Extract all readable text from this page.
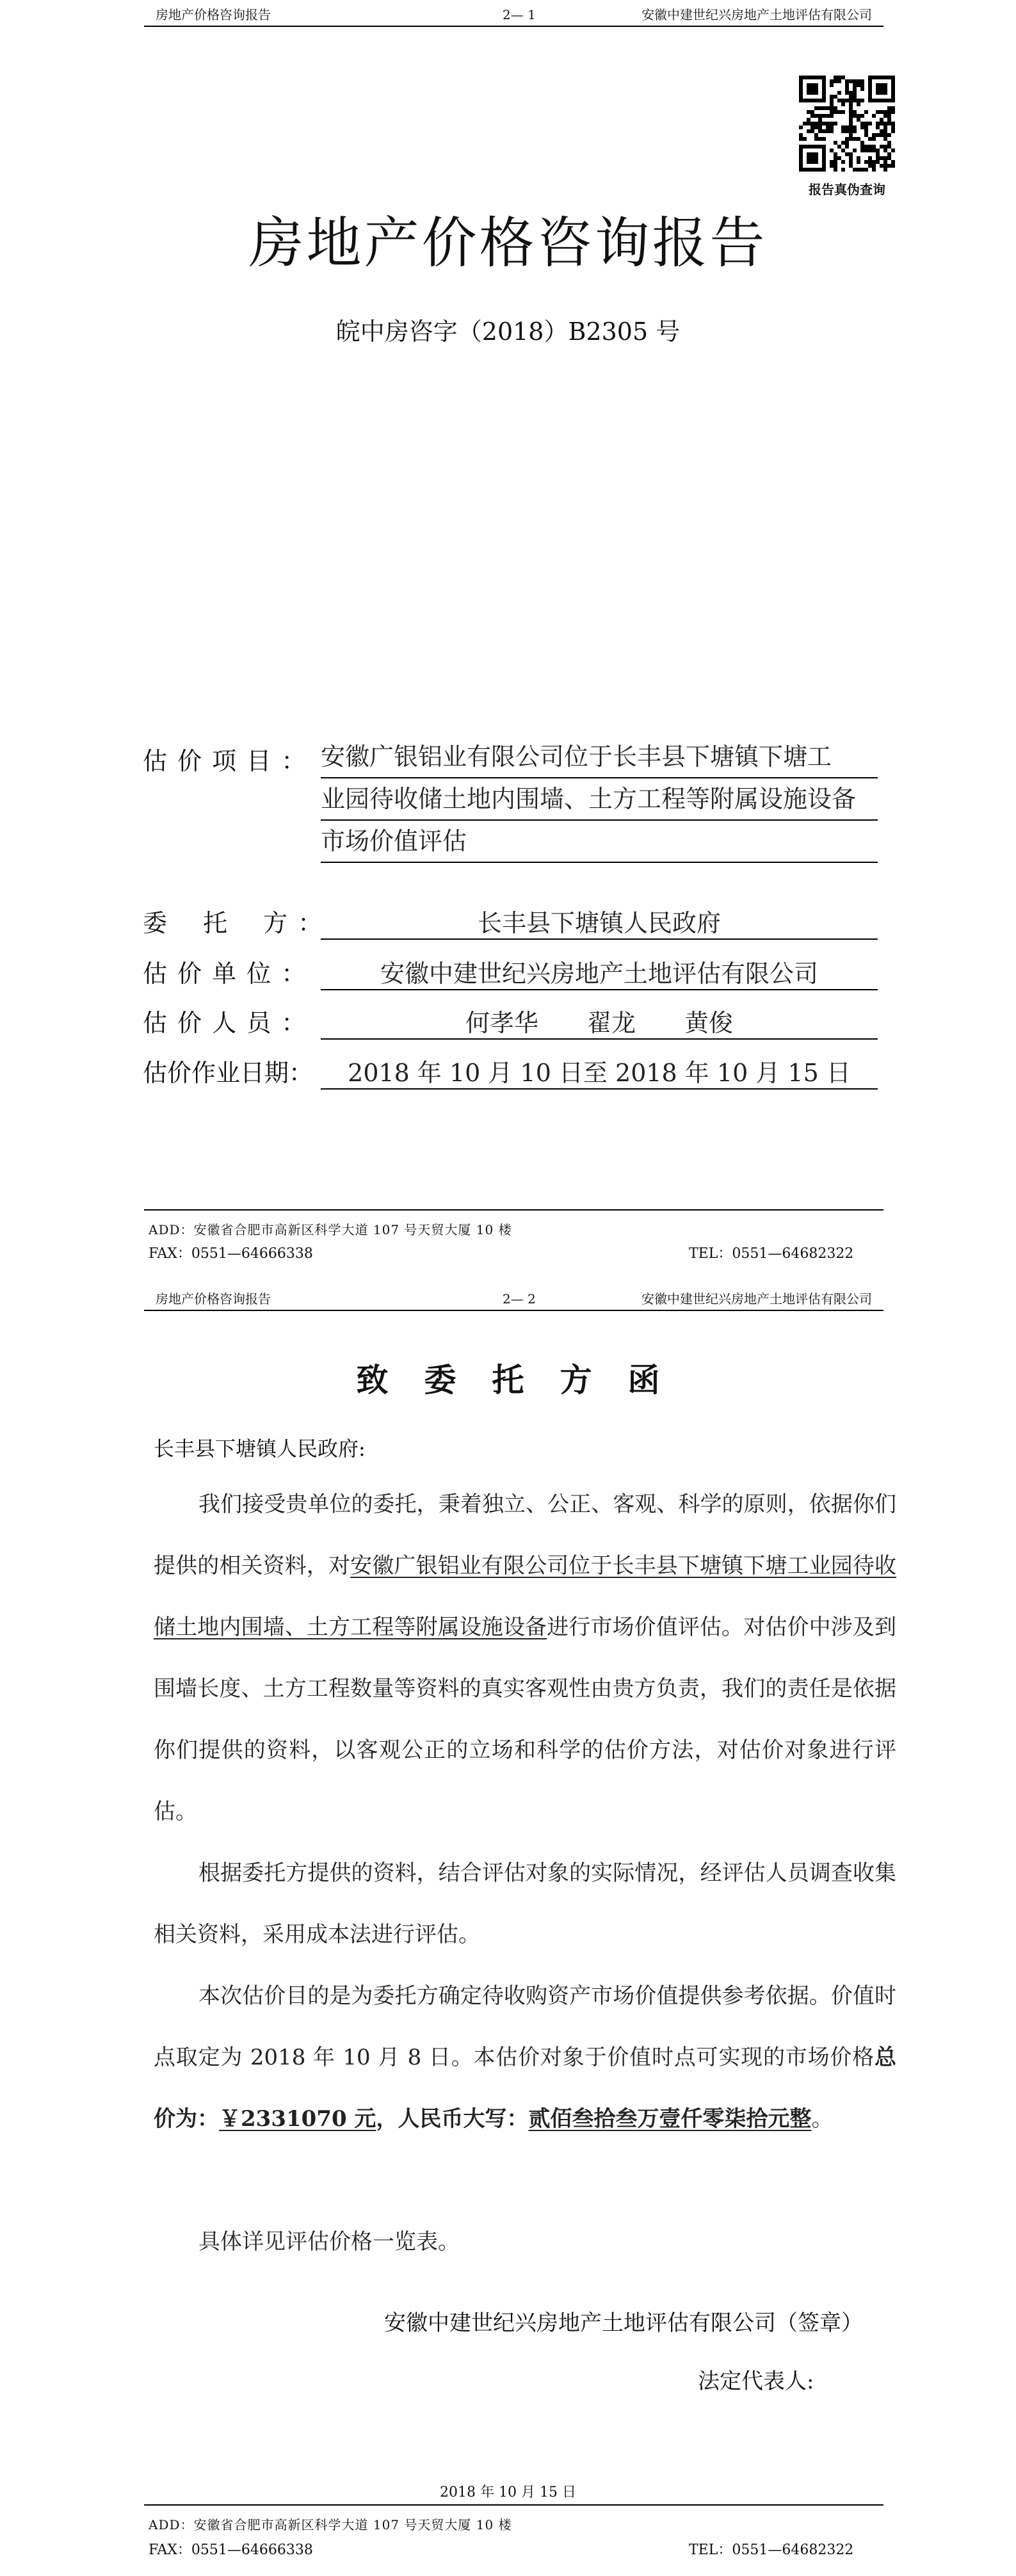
房地产价格咨询报告	2— 1	安徽中建世纪兴房地产土地评估有限公司
报告真伪查询
房地产价格咨询报告
皖中房咨字（2018）B2305 号
估 价 项 目 ： 安徽广银铝业有限公司位于长丰县下塘镇下塘工
业园待收储土地内围墙、土方工程等附属设施设备
市场价值评估
委　 托　 方 ：	长丰县下塘镇人民政府
估 价 单 位 ：	安徽中建世纪兴房地产土地评估有限公司
估 价 人 员 ：	何孝华　　翟龙　　黄俊
估价作业日期：	2018 年 10 月 10 日至 2018 年 10 月 15 日
ADD：安徽省合肥市高新区科学大道 107 号天贸大厦 10 楼
FAX：0551—64666338	TEL：0551—64682322
房地产价格咨询报告	2— 2	安徽中建世纪兴房地产土地评估有限公司
致 委 托 方 函
长丰县下塘镇人民政府:
我们接受贵单位的委托，秉着独立、公正、客观、科学的原则，依据你们提供的相关资料，对安徽广银铝业有限公司位于长丰县下塘镇下塘工业园待收储土地内围墙、土方工程等附属设施设备进行市场价值评估。对估价中涉及到围墙长度、土方工程数量等资料的真实客观性由贵方负责，我们的责任是依据你们提供的资料，以客观公正的立场和科学的估价方法，对估价对象进行评估。
根据委托方提供的资料，结合评估对象的实际情况，经评估人员调查收集相关资料，采用成本法进行评估。
本次估价目的是为委托方确定待收购资产市场价值提供参考依据。价值时点取定为 2018 年 10 月 8 日。本估价对象于价值时点可实现的市场价格总价为：￥2331070 元，人民币大写：贰佰叁拾叁万壹仟零柒拾元整。
具体详见评估价格一览表。
安徽中建世纪兴房地产土地评估有限公司（签章）
法定代表人:
2018 年 10 月 15 日
ADD：安徽省合肥市高新区科学大道 107 号天贸大厦 10 楼
FAX：0551—64666338	TEL：0551—64682322
